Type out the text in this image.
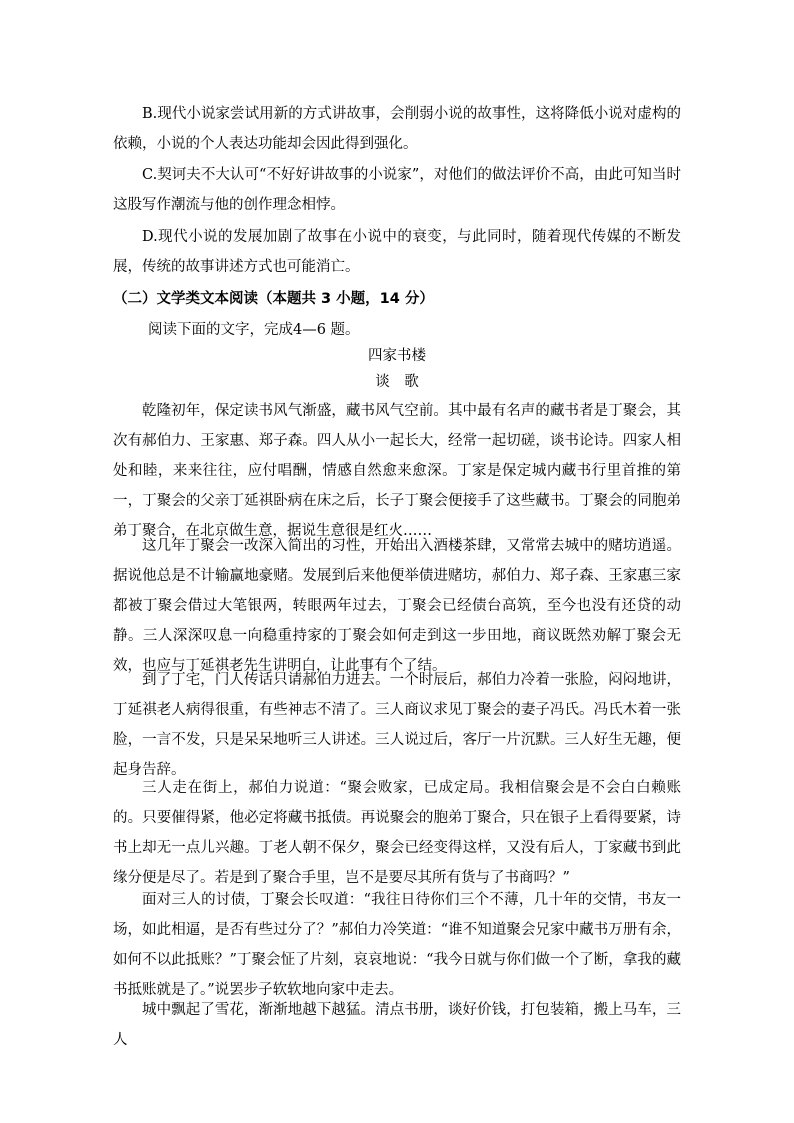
B.现代小说家尝试用新的方式讲故事，会削弱小说的故事性，这将降低小说对虚构的依赖，小说的个人表达功能却会因此得到强化。

C.契诃夫不大认可“不好好讲故事的小说家”，对他们的做法评价不高，由此可知当时这股写作潮流与他的创作理念相悖。

D.现代小说的发展加剧了故事在小说中的衰变，与此同时，随着现代传媒的不断发展，传统的故事讲述方式也可能消亡。

（二）文学类文本阅读（本题共 3 小题，14 分）

阅读下面的文字，完成4—6 题。

四家书楼

谈　歌

乾隆初年，保定读书风气渐盛，藏书风气空前。其中最有名声的藏书者是丁聚会，其次有郝伯力、王家惠、郑子森。四人从小一起长大，经常一起切磋，谈书论诗。四家人相处和睦，来来往往，应付唱酬，情感自然愈来愈深。丁家是保定城内藏书行里首推的第一，丁聚会的父亲丁延祺卧病在床之后，长子丁聚会便接手了这些藏书。丁聚会的同胞弟弟丁聚合，在北京做生意，据说生意很是红火……

这几年丁聚会一改深入简出的习性，开始出入酒楼茶肆，又常常去城中的赌坊逍遥。据说他总是不计输赢地豪赌。发展到后来他便举债进赌坊，郝伯力、郑子森、王家惠三家都被丁聚会借过大笔银两，转眼两年过去，丁聚会已经债台高筑，至今也没有还贷的动静。三人深深叹息一向稳重持家的丁聚会如何走到这一步田地，商议既然劝解丁聚会无效，也应与丁延祺老先生讲明白，让此事有个了结。

到了丁宅，门人传话只请郝伯力进去。一个时辰后，郝伯力冷着一张脸，闷闷地讲，丁延祺老人病得很重，有些神志不清了。三人商议求见丁聚会的妻子冯氏。冯氏木着一张脸，一言不发，只是呆呆地听三人讲述。三人说过后，客厅一片沉默。三人好生无趣，便起身告辞。

三人走在街上，郝伯力说道：“聚会败家，已成定局。我相信聚会是不会白白赖账的。只要催得紧，他必定将藏书抵债。再说聚会的胞弟丁聚合，只在银子上看得要紧，诗书上却无一点儿兴趣。丁老人朝不保夕，聚会已经变得这样，又没有后人，丁家藏书到此缘分便是尽了。若是到了聚合手里，岂不是要尽其所有货与了书商吗？”

面对三人的讨债，丁聚会长叹道：“我往日待你们三个不薄，几十年的交情，书友一场，如此相逼，是否有些过分了？”郝伯力冷笑道：“谁不知道聚会兄家中藏书万册有余，如何不以此抵账？”丁聚会怔了片刻，哀哀地说：“我今日就与你们做一个了断，拿我的藏书抵账就是了。”说罢步子软软地向家中走去。

城中飘起了雪花，渐渐地越下越猛。清点书册，谈好价钱，打包装箱，搬上马车，三人
